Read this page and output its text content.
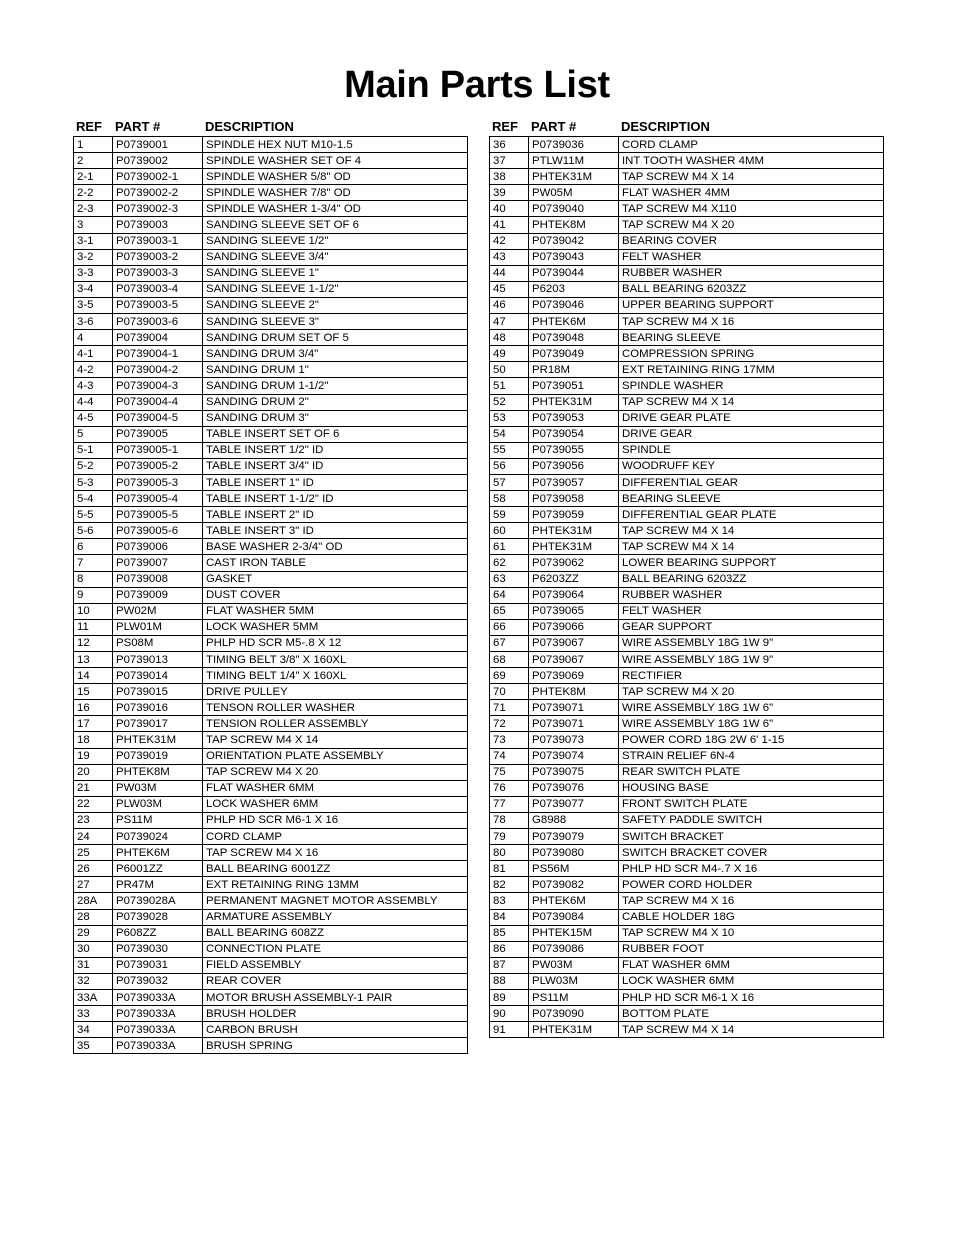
Main Parts List
REF	PART #	DESCRIPTION
1	P0739001	SPINDLE HEX NUT M10-1.5
2	P0739002	SPINDLE WASHER SET OF 4
2-1	P0739002-1	SPINDLE WASHER 5/8" OD
2-2	P0739002-2	SPINDLE WASHER 7/8" OD
2-3	P0739002-3	SPINDLE WASHER 1-3/4" OD
3	P0739003	SANDING SLEEVE SET OF 6
3-1	P0739003-1	SANDING SLEEVE 1/2"
3-2	P0739003-2	SANDING SLEEVE 3/4"
3-3	P0739003-3	SANDING SLEEVE 1"
3-4	P0739003-4	SANDING SLEEVE 1-1/2"
3-5	P0739003-5	SANDING SLEEVE 2"
3-6	P0739003-6	SANDING SLEEVE 3"
4	P0739004	SANDING DRUM SET OF 5
4-1	P0739004-1	SANDING DRUM 3/4"
4-2	P0739004-2	SANDING DRUM 1"
4-3	P0739004-3	SANDING DRUM 1-1/2"
4-4	P0739004-4	SANDING DRUM 2"
4-5	P0739004-5	SANDING DRUM 3"
5	P0739005	TABLE INSERT SET OF 6
5-1	P0739005-1	TABLE INSERT 1/2" ID
5-2	P0739005-2	TABLE INSERT 3/4" ID
5-3	P0739005-3	TABLE INSERT 1" ID
5-4	P0739005-4	TABLE INSERT 1-1/2" ID
5-5	P0739005-5	TABLE INSERT 2" ID
5-6	P0739005-6	TABLE INSERT 3" ID
6	P0739006	BASE WASHER 2-3/4" OD
7	P0739007	CAST IRON TABLE
8	P0739008	GASKET
9	P0739009	DUST COVER
10	PW02M	FLAT WASHER 5MM
11	PLW01M	LOCK WASHER 5MM
12	PS08M	PHLP HD SCR M5-.8 X 12
13	P0739013	TIMING BELT 3/8" X 160XL
14	P0739014	TIMING BELT 1/4" X 160XL
15	P0739015	DRIVE PULLEY
16	P0739016	TENSON ROLLER WASHER
17	P0739017	TENSION ROLLER ASSEMBLY
18	PHTEK31M	TAP SCREW M4 X 14
19	P0739019	ORIENTATION PLATE ASSEMBLY
20	PHTEK8M	TAP SCREW M4 X 20
21	PW03M	FLAT WASHER 6MM
22	PLW03M	LOCK WASHER 6MM
23	PS11M	PHLP HD SCR M6-1 X 16
24	P0739024	CORD CLAMP
25	PHTEK6M	TAP SCREW M4 X 16
26	P6001ZZ	BALL BEARING 6001ZZ
27	PR47M	EXT RETAINING RING 13MM
28A	P0739028A	PERMANENT MAGNET MOTOR ASSEMBLY
28	P0739028	ARMATURE ASSEMBLY
29	P608ZZ	BALL BEARING 608ZZ
30	P0739030	CONNECTION PLATE
31	P0739031	FIELD ASSEMBLY
32	P0739032	REAR COVER
33A	P0739033A	MOTOR BRUSH ASSEMBLY-1 PAIR
33	P0739033A	BRUSH HOLDER
34	P0739033A	CARBON BRUSH
35	P0739033A	BRUSH SPRING
REF	PART #	DESCRIPTION
36	P0739036	CORD CLAMP
37	PTLW11M	INT TOOTH WASHER 4MM
38	PHTEK31M	TAP SCREW M4 X 14
39	PW05M	FLAT WASHER 4MM
40	P0739040	TAP SCREW M4 X110
41	PHTEK8M	TAP SCREW M4 X 20
42	P0739042	BEARING COVER
43	P0739043	FELT WASHER
44	P0739044	RUBBER WASHER
45	P6203	BALL BEARING 6203ZZ
46	P0739046	UPPER BEARING SUPPORT
47	PHTEK6M	TAP SCREW M4 X 16
48	P0739048	BEARING SLEEVE
49	P0739049	COMPRESSION SPRING
50	PR18M	EXT RETAINING RING 17MM
51	P0739051	SPINDLE WASHER
52	PHTEK31M	TAP SCREW M4 X 14
53	P0739053	DRIVE GEAR PLATE
54	P0739054	DRIVE GEAR
55	P0739055	SPINDLE
56	P0739056	WOODRUFF KEY
57	P0739057	DIFFERENTIAL GEAR
58	P0739058	BEARING SLEEVE
59	P0739059	DIFFERENTIAL GEAR PLATE
60	PHTEK31M	TAP SCREW M4 X 14
61	PHTEK31M	TAP SCREW M4 X 14
62	P0739062	LOWER BEARING SUPPORT
63	P6203ZZ	BALL BEARING 6203ZZ
64	P0739064	RUBBER WASHER
65	P0739065	FELT WASHER
66	P0739066	GEAR SUPPORT
67	P0739067	WIRE ASSEMBLY 18G 1W 9"
68	P0739067	WIRE ASSEMBLY 18G 1W 9"
69	P0739069	RECTIFIER
70	PHTEK8M	TAP SCREW M4 X 20
71	P0739071	WIRE ASSEMBLY 18G 1W 6"
72	P0739071	WIRE ASSEMBLY 18G 1W 6"
73	P0739073	POWER CORD 18G 2W 6' 1-15
74	P0739074	STRAIN RELIEF 6N-4
75	P0739075	REAR SWITCH PLATE
76	P0739076	HOUSING BASE
77	P0739077	FRONT SWITCH PLATE
78	G8988	SAFETY PADDLE SWITCH
79	P0739079	SWITCH BRACKET
80	P0739080	SWITCH BRACKET COVER
81	PS56M	PHLP HD SCR M4-.7 X 16
82	P0739082	POWER CORD HOLDER
83	PHTEK6M	TAP SCREW M4 X 16
84	P0739084	CABLE HOLDER 18G
85	PHTEK15M	TAP SCREW M4 X 10
86	P0739086	RUBBER FOOT
87	PW03M	FLAT WASHER 6MM
88	PLW03M	LOCK WASHER 6MM
89	PS11M	PHLP HD SCR M6-1 X 16
90	P0739090	BOTTOM PLATE
91	PHTEK31M	TAP SCREW M4 X 14
